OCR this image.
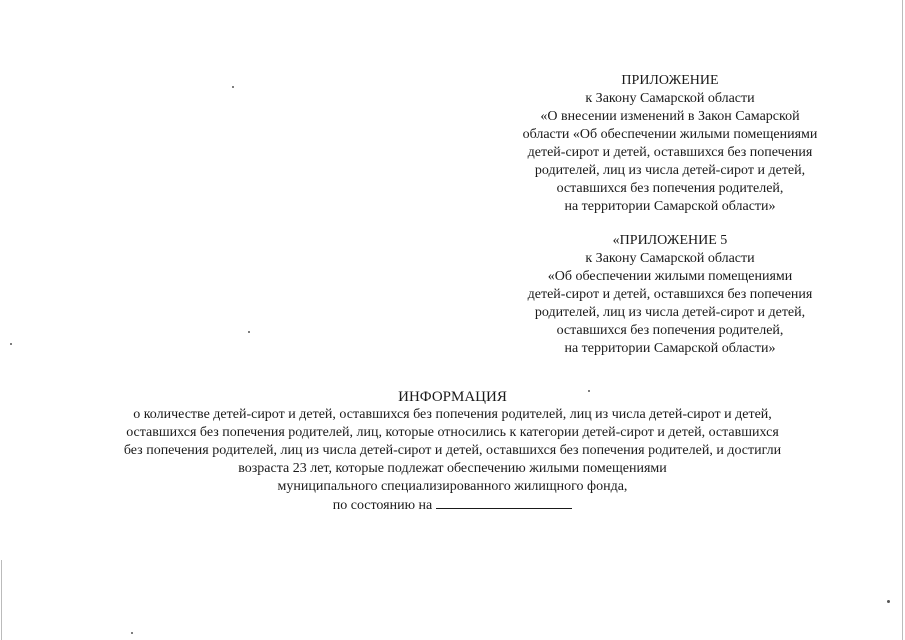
ПРИЛОЖЕНИЕ
к Закону Самарской области
«О внесении изменений в Закон Самарской
области «Об обеспечении жилыми помещениями
детей-сирот и детей, оставшихся без попечения
родителей, лиц из числа детей-сирот и детей,
оставшихся без попечения родителей,
на территории Самарской области»
«ПРИЛОЖЕНИЕ 5
к Закону Самарской области
«Об обеспечении жилыми помещениями
детей-сирот и детей, оставшихся без попечения
родителей, лиц из числа детей-сирот и детей,
оставшихся без попечения родителей,
на территории Самарской области»
ИНФОРМАЦИЯ
о количестве детей-сирот и детей, оставшихся без попечения родителей, лиц из числа детей-сирот и детей,
оставшихся без попечения родителей, лиц, которые относились к категории детей-сирот и детей, оставшихся
без попечения родителей, лиц из числа детей-сирот и детей, оставшихся без попечения родителей, и достигли
возраста 23 лет, которые подлежат обеспечению жилыми помещениями
муниципального специализированного жилищного фонда,
по состоянию на
